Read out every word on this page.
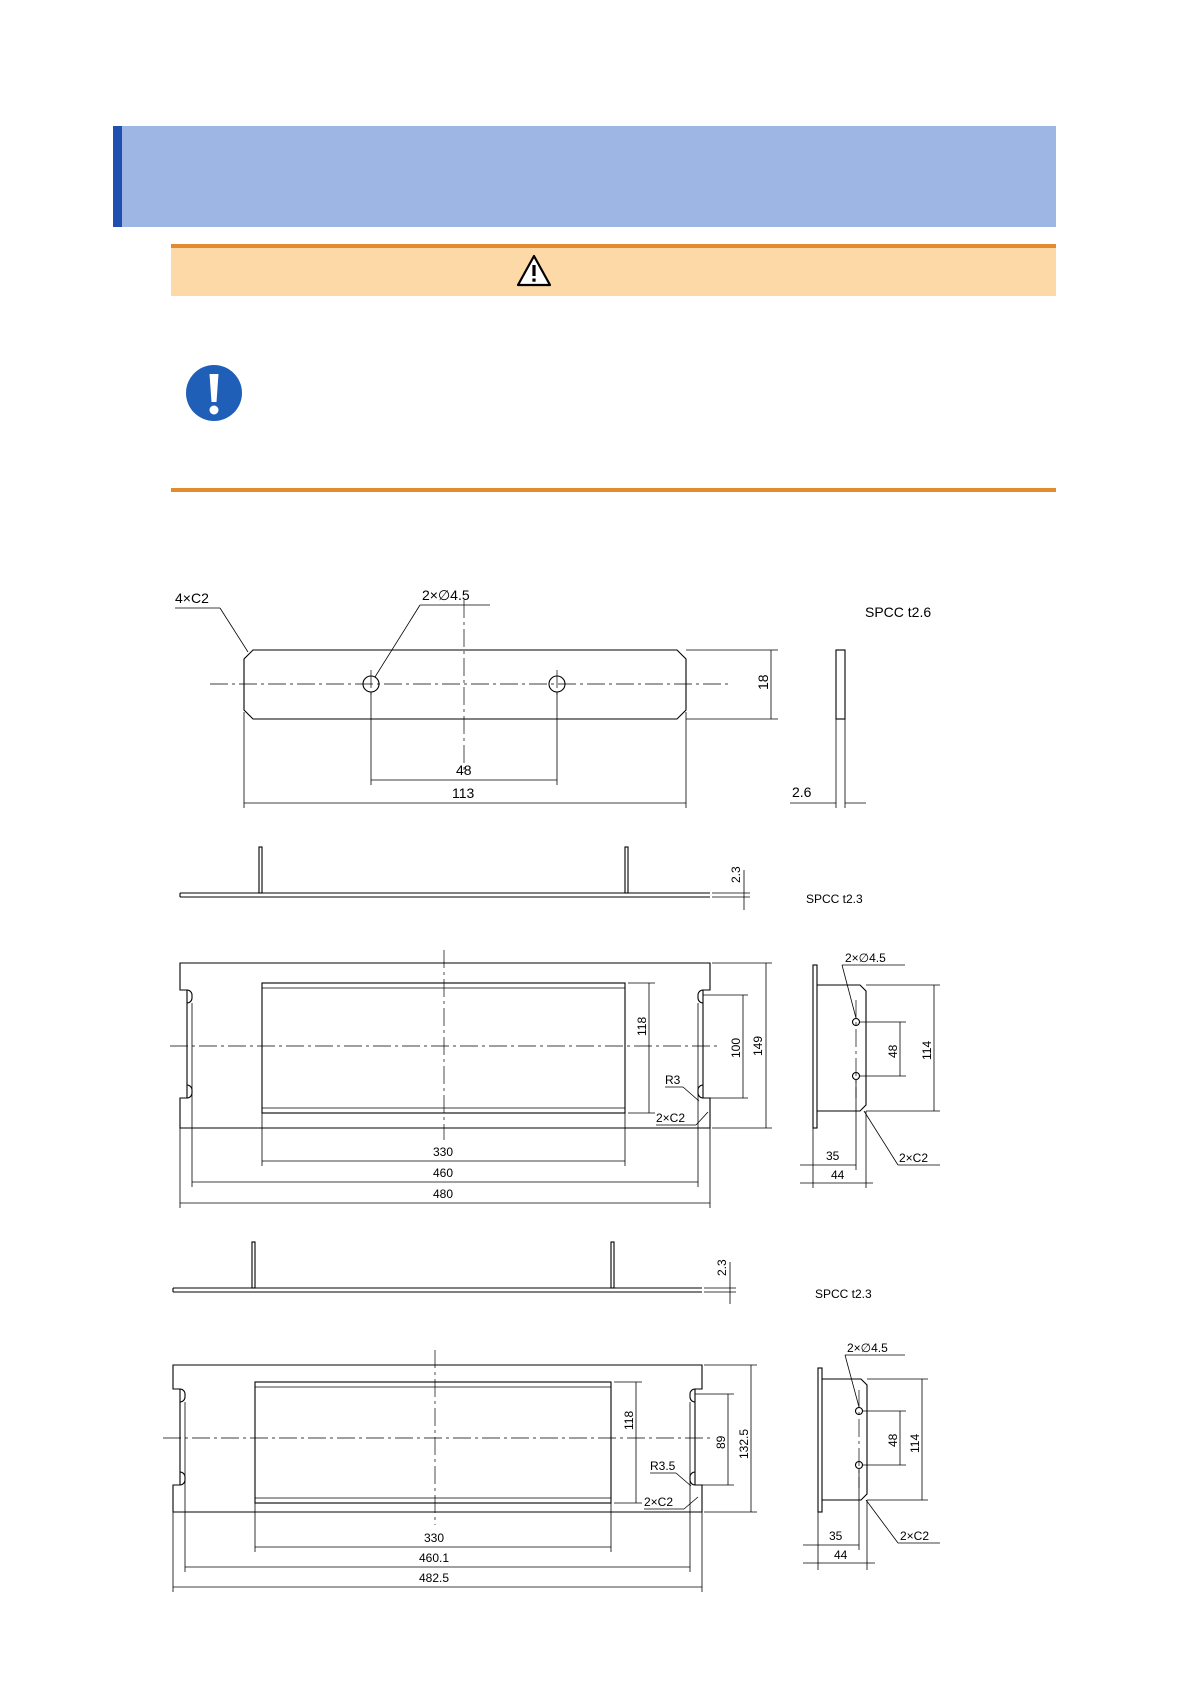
4×C2	2×∅4.5
48
113
18
2.6
SPCC t2.6
2.3
SPCC t2.3
118
100 149
R3
2×C2
330
460
480
2×∅4.5
48 114
35
44
2×C2
2.3
SPCC t2.3
118
89 132.5
R3.5
2×C2
330
460.1
482.5
2×∅4.5
48 114
35
44
2×C2
